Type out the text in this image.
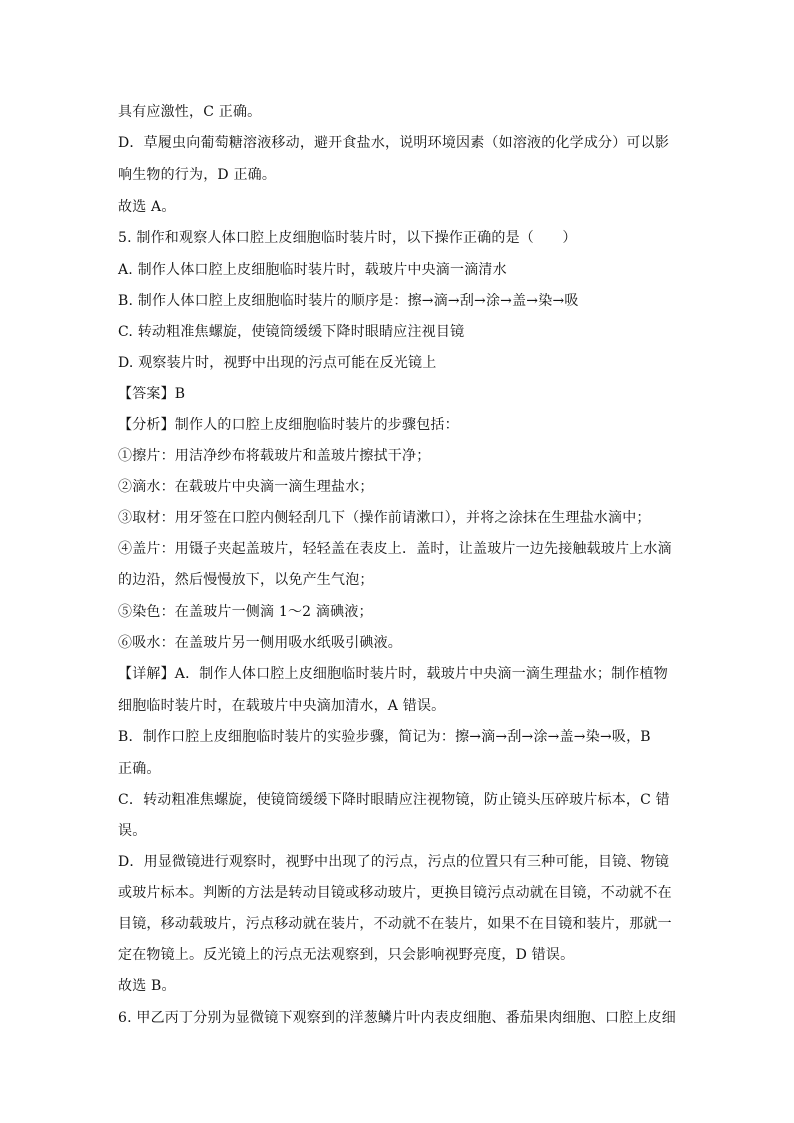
具有应激性，C 正确。
D．草履虫向葡萄糖溶液移动，避开食盐水，说明环境因素（如溶液的化学成分）可以影
响生物的行为，D 正确。
故选 A。
5. 制作和观察人体口腔上皮细胞临时装片时，以下操作正确的是（　　）
A. 制作人体口腔上皮细胞临时装片时，载玻片中央滴一滴清水
B. 制作人体口腔上皮细胞临时装片的顺序是：擦→滴→刮→涂→盖→染→吸
C. 转动粗准焦螺旋，使镜筒缓缓下降时眼睛应注视目镜
D. 观察装片时，视野中出现的污点可能在反光镜上
【答案】B
【分析】制作人的口腔上皮细胞临时装片的步骤包括：
①擦片：用洁净纱布将载玻片和盖玻片擦拭干净；
②滴水：在载玻片中央滴一滴生理盐水；
③取材：用牙签在口腔内侧轻刮几下（操作前请漱口），并将之涂抹在生理盐水滴中；
④盖片：用镊子夹起盖玻片，轻轻盖在表皮上．盖时，让盖玻片一边先接触载玻片上水滴
的边沿，然后慢慢放下，以免产生气泡；
⑤染色：在盖玻片一侧滴 1～2 滴碘液；
⑥吸水：在盖玻片另一侧用吸水纸吸引碘液。
【详解】A．制作人体口腔上皮细胞临时装片时，载玻片中央滴一滴生理盐水；制作植物
细胞临时装片时，在载玻片中央滴加清水，A 错误。
B．制作口腔上皮细胞临时装片的实验步骤，简记为：擦→滴→刮→涂→盖→染→吸，B
正确。
C．转动粗准焦螺旋，使镜筒缓缓下降时眼睛应注视物镜，防止镜头压碎玻片标本，C 错
误。
D．用显微镜进行观察时，视野中出现了的污点，污点的位置只有三种可能，目镜、物镜
或玻片标本。判断的方法是转动目镜或移动玻片，更换目镜污点动就在目镜，不动就不在
目镜，移动载玻片，污点移动就在装片，不动就不在装片，如果不在目镜和装片，那就一
定在物镜上。反光镜上的污点无法观察到，只会影响视野亮度，D 错误。
故选 B。
6. 甲乙丙丁分别为显微镜下观察到的洋葱鳞片叶内表皮细胞、番茄果肉细胞、口腔上皮细
